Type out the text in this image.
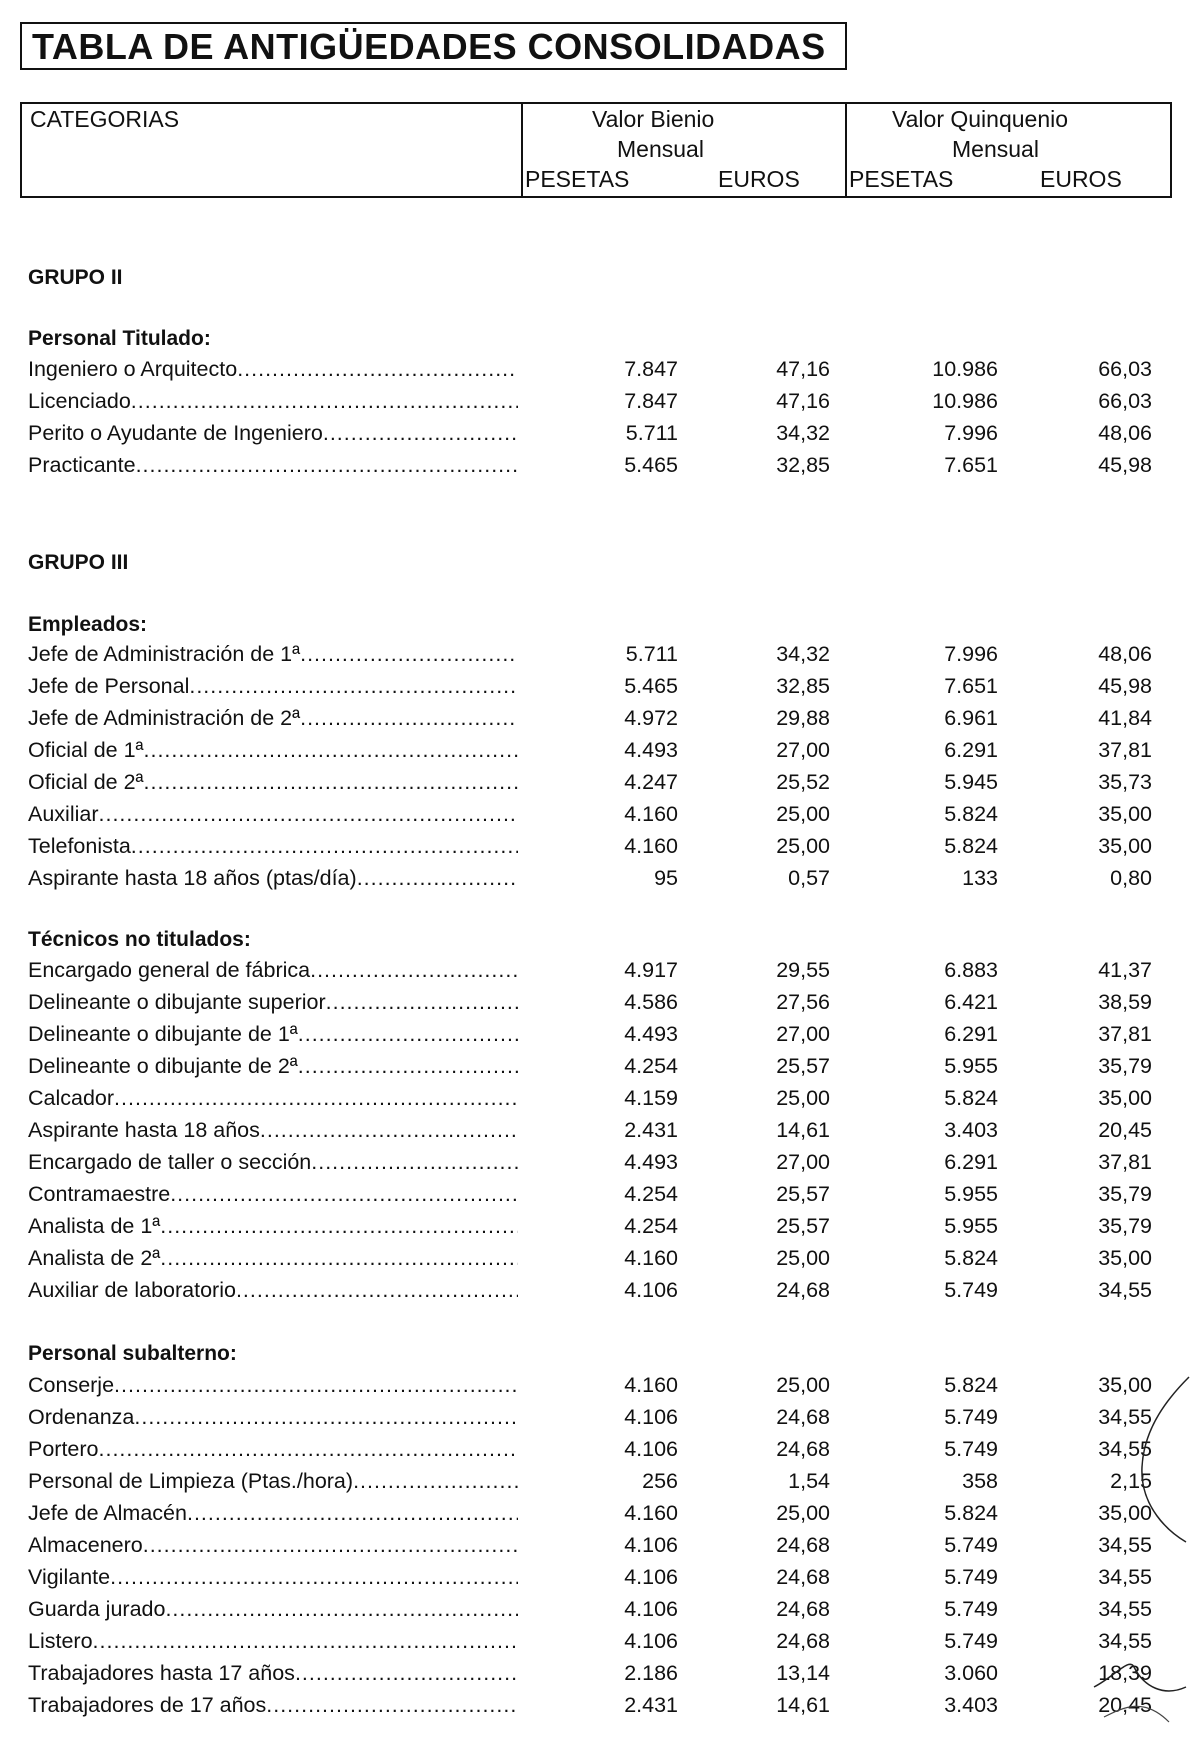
TABLA DE ANTIGÜEDADES CONSOLIDADAS
CATEGORIAS	Valor Bienio
Mensual
Valor Quinquenio
Mensual
PESETAS	EUROS PESETAS	EUROS
GRUPO II
Personal Titulado:
Ingeniero o Arquitecto .....	7.847	47,16	10.986	66,03
Licenciado .....	7.847	47,16	10.986	66,03
Perito o Ayudante de Ingeniero .....	5.711	34,32	7.996	48,06
Practicante .....	5.465	32,85	7.651	45,98
GRUPO III
Empleados:
Jefe de Administración de 1ª .....	5.711	34,32	7.996	48,06
Jefe de Personal .....	5.465	32,85	7.651	45,98
Jefe de Administración de 2ª .....	4.972	29,88	6.961	41,84
Oficial de 1ª .....	4.493	27,00	6.291	37,81
Oficial de 2ª .....	4.247	25,52	5.945	35,73
Auxiliar .....	4.160	25,00	5.824	35,00
Telefonista .....	4.160	25,00	5.824	35,00
Aspirante hasta 18 años (ptas/día) .....	95	0,57	133	0,80
Técnicos no titulados:
Encargado general de fábrica .....	4.917	29,55	6.883	41,37
Delineante o dibujante superior .....	4.586	27,56	6.421	38,59
Delineante o dibujante de 1ª .....	4.493	27,00	6.291	37,81
Delineante o dibujante de 2ª .....	4.254	25,57	5.955	35,79
Calcador .....	4.159	25,00	5.824	35,00
Aspirante hasta 18 años .....	2.431	14,61	3.403	20,45
Encargado de taller o sección .....	4.493	27,00	6.291	37,81
Contramaestre .....	4.254	25,57	5.955	35,79
Analista de 1ª .....	4.254	25,57	5.955	35,79
Analista de 2ª .....	4.160	25,00	5.824	35,00
Auxiliar de laboratorio .....	4.106	24,68	5.749	34,55
Personal subalterno:
Conserje .....	4.160	25,00	5.824	35,00
Ordenanza .....	4.106	24,68	5.749	34,55
Portero .....	4.106	24,68	5.749	34,55
Personal de Limpieza (Ptas./hora) .....	256	1,54	358	2,15
Jefe de Almacén .....	4.160	25,00	5.824	35,00
Almacenero .....	4.106	24,68	5.749	34,55
Vigilante .....	4.106	24,68	5.749	34,55
Guarda jurado .....	4.106	24,68	5.749	34,55
Listero .....	4.106	24,68	5.749	34,55
Trabajadores hasta 17 años .....	2.186	13,14	3.060	18,39
Trabajadores de 17 años .....	2.431	14,61	3.403	20,45
